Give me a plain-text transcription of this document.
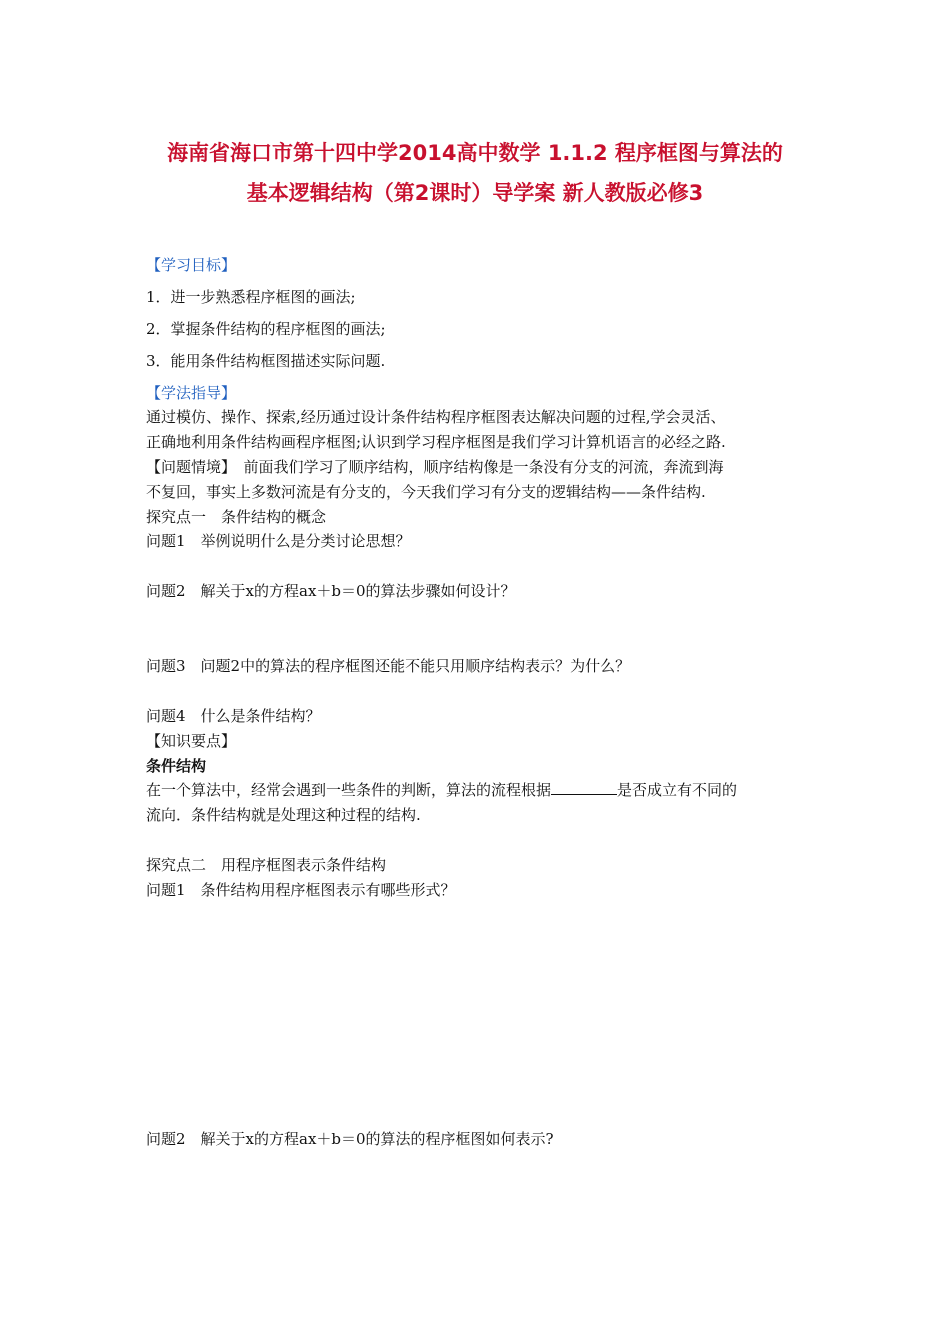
海南省海口市第十四中学2014高中数学 1.1.2 程序框图与算法的
基本逻辑结构（第2课时）导学案 新人教版必修3
【学习目标】
1．进一步熟悉程序框图的画法;
2．掌握条件结构的程序框图的画法;
3．能用条件结构框图描述实际问题.
【学法指导】
通过模仿、操作、探索,经历通过设计条件结构程序框图表达解决问题的过程,学会灵活、
正确地利用条件结构画程序框图;认识到学习程序框图是我们学习计算机语言的必经之路.
【问题情境】　前面我们学习了顺序结构，顺序结构像是一条没有分支的河流，奔流到海
不复回，事实上多数河流是有分支的，今天我们学习有分支的逻辑结构——条件结构.
探究点一　条件结构的概念
问题1　举例说明什么是分类讨论思想？
问题2　解关于x的方程ax＋b＝0的算法步骤如何设计？
问题3　问题2中的算法的程序框图还能不能只用顺序结构表示？为什么？
问题4　什么是条件结构？
【知识要点】
条件结构
在一个算法中，经常会遇到一些条件的判断，算法的流程根据	是否成立有不同的
流向．条件结构就是处理这种过程的结构.
探究点二　用程序框图表示条件结构
问题1　条件结构用程序框图表示有哪些形式？
问题2　解关于x的方程ax＋b＝0的算法的程序框图如何表示?
